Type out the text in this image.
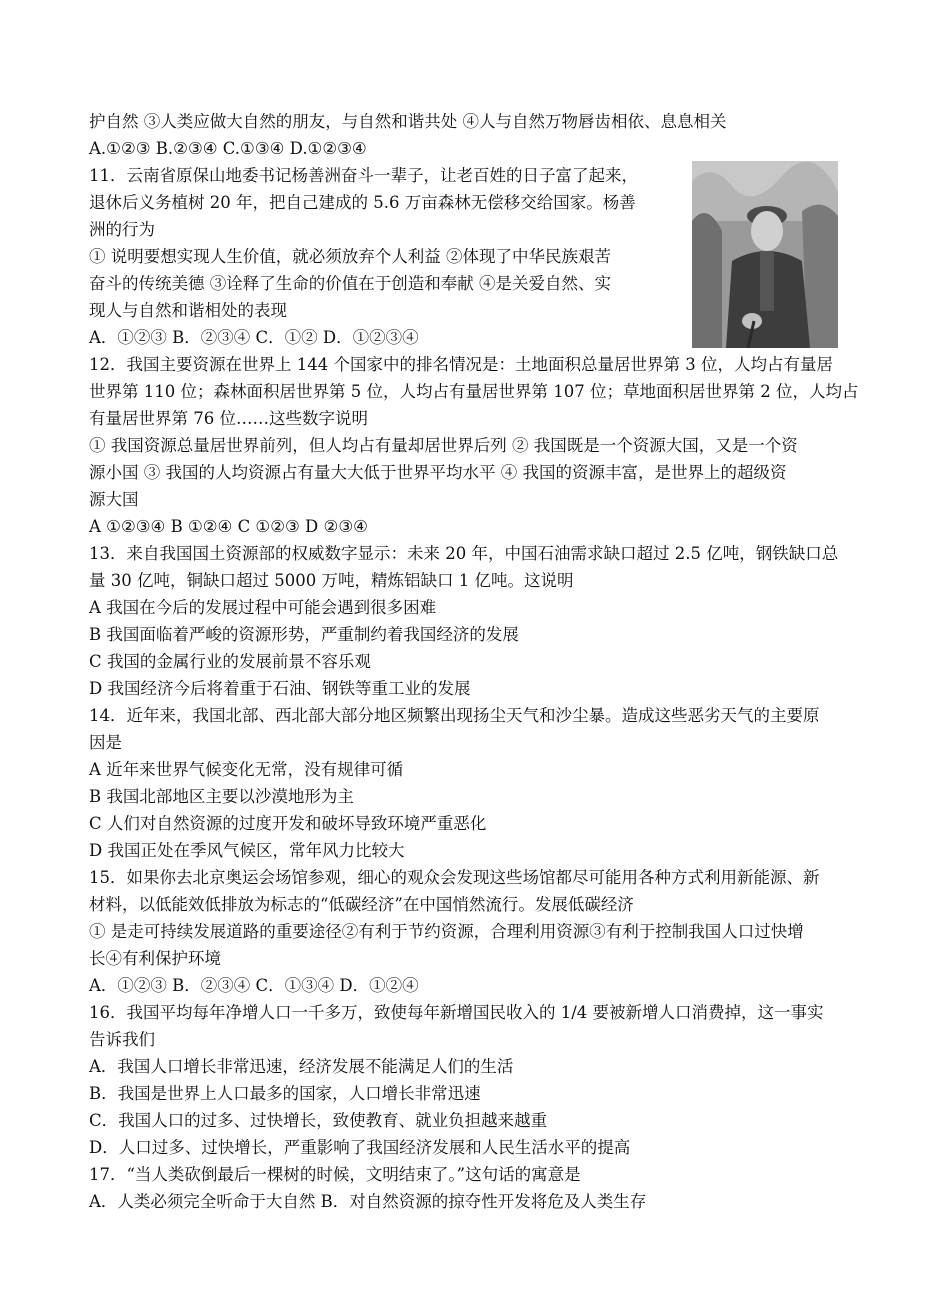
护自然 ③人类应做大自然的朋友，与自然和谐共处 ④人与自然万物唇齿相依、息息相关
A.①②③ B.②③④ C.①③④ D.①②③④
11．云南省原保山地委书记杨善洲奋斗一辈子，让老百姓的日子富了起来，
退休后义务植树 20 年，把自己建成的 5.6 万亩森林无偿移交给国家。杨善
洲的行为
① 说明要想实现人生价值，就必须放弃个人利益 ②体现了中华民族艰苦
奋斗的传统美德 ③诠释了生命的价值在于创造和奉献 ④是关爱自然、实
现人与自然和谐相处的表现
A．①②③ B．②③④ C．①② D．①②③④
12．我国主要资源在世界上 144 个国家中的排名情况是：土地面积总量居世界第 3 位，人均占有量居
世界第 110 位；森林面积居世界第 5 位，人均占有量居世界第 107 位；草地面积居世界第 2 位，人均占
有量居世界第 76 位……这些数字说明
① 我国资源总量居世界前列，但人均占有量却居世界后列 ② 我国既是一个资源大国，又是一个资
源小国 ③ 我国的人均资源占有量大大低于世界平均水平 ④ 我国的资源丰富，是世界上的超级资
源大国
A ①②③④ B ①②④ C ①②③ D ②③④
13．来自我国国土资源部的权威数字显示：未来 20 年，中国石油需求缺口超过 2.5 亿吨，钢铁缺口总
量 30 亿吨，铜缺口超过 5000 万吨，精炼铝缺口 1 亿吨。这说明
A 我国在今后的发展过程中可能会遇到很多困难
B 我国面临着严峻的资源形势，严重制约着我国经济的发展
C 我国的金属行业的发展前景不容乐观
D 我国经济今后将着重于石油、钢铁等重工业的发展
14．近年来，我国北部、西北部大部分地区频繁出现扬尘天气和沙尘暴。造成这些恶劣天气的主要原
因是
A 近年来世界气候变化无常，没有规律可循
B 我国北部地区主要以沙漠地形为主
C 人们对自然资源的过度开发和破坏导致环境严重恶化
D 我国正处在季风气候区，常年风力比较大
15．如果你去北京奥运会场馆参观，细心的观众会发现这些场馆都尽可能用各种方式利用新能源、新
材料，以低能效低排放为标志的“低碳经济”在中国悄然流行。发展低碳经济
① 是走可持续发展道路的重要途径②有利于节约资源，合理利用资源③有利于控制我国人口过快增
长④有利保护环境
A．①②③ B．②③④ C．①③④ D．①②④
16．我国平均每年净增人口一千多万，致使每年新增国民收入的 1/4 要被新增人口消费掉，这一事实
告诉我们
A．我国人口增长非常迅速，经济发展不能满足人们的生活
B．我国是世界上人口最多的国家，人口增长非常迅速
C．我国人口的过多、过快增长，致使教育、就业负担越来越重
D．人口过多、过快增长，严重影响了我国经济发展和人民生活水平的提高
17．“当人类砍倒最后一棵树的时候，文明结束了。”这句话的寓意是
A．人类必须完全听命于大自然 B．对自然资源的掠夺性开发将危及人类生存
